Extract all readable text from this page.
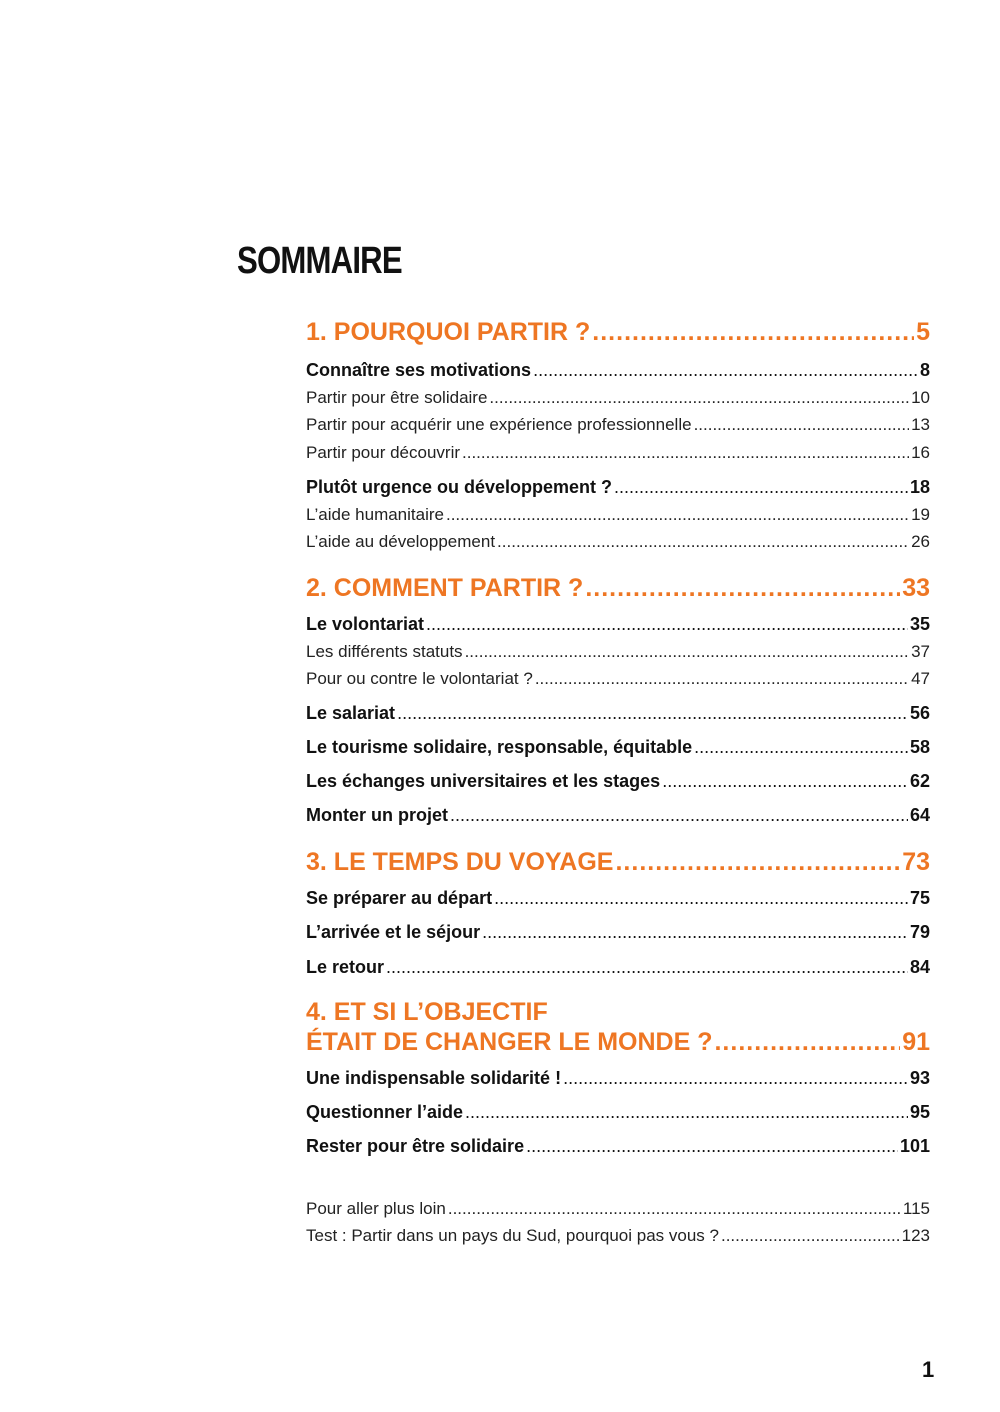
SOMMAIRE
1. POURQUOI PARTIR ? .....	5
Connaître ses motivations .....	8
Partir pour être solidaire .....	10
Partir pour acquérir une expérience professionnelle .....	13
Partir pour découvrir .....	16
Plutôt urgence ou développement ? .....	18
L’aide humanitaire .....	19
L’aide au développement .....	26
2. COMMENT PARTIR ? .....	33
Le volontariat .....	35
Les différents statuts .....	37
Pour ou contre le volontariat ? .....	47
Le salariat .....	56
Le tourisme solidaire, responsable, équitable .....	58
Les échanges universitaires et les stages .....	62
Monter un projet .....	64
3. LE TEMPS DU VOYAGE .....	73
Se préparer au départ .....	75
L’arrivée et le séjour .....	79
Le retour .....	84
4. ET SI L’OBJECTIF
ÉTAIT DE CHANGER LE MONDE ? .....	91
Une indispensable solidarité ! .....	93
Questionner l’aide .....	95
Rester pour être solidaire .....	101
Pour aller plus loin .....	115
Test : Partir dans un pays du Sud, pourquoi pas vous ? .....	123
1
